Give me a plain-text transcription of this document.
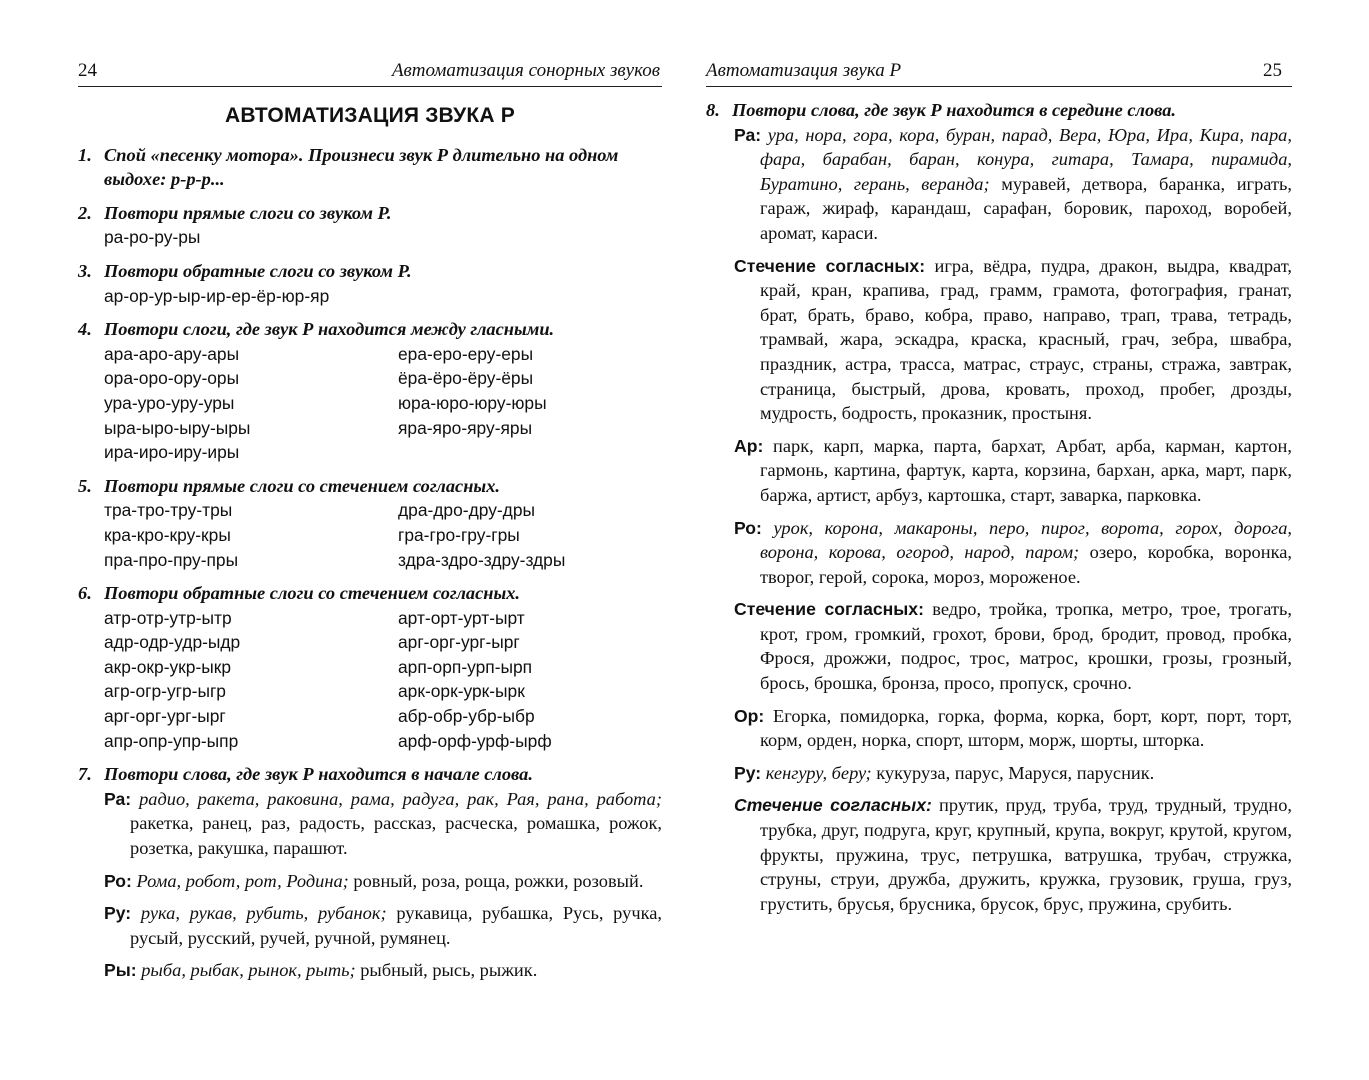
24	Автоматизация сонорных звуков
АВТОМАТИЗАЦИЯ ЗВУКА Р
1. Спой «песенку мотора». Произнеси звук Р длительно на одном выдохе: р-р-р...
2. Повтори прямые слоги со звуком Р.
ра-ро-ру-ры
3. Повтори обратные слоги со звуком Р.
ар-ор-ур-ыр-ир-ер-ёр-юр-яр
4. Повтори слоги, где звук Р находится между гласными.
ара-аро-ару-ары	ера-еро-еру-еры
ора-оро-ору-оры	ёра-ёро-ёру-ёры
ура-уро-уру-уры	юра-юро-юру-юры
ыра-ыро-ыру-ыры	яра-яро-яру-яры
ира-иро-иру-иры
5. Повтори прямые слоги со стечением согласных.
тра-тро-тру-тры	дра-дро-дру-дры
кра-кро-кру-кры	гра-гро-гру-гры
пра-про-пру-пры	здра-здро-здру-здры
6. Повтори обратные слоги со стечением согласных.
атр-отр-утр-ытр	арт-орт-урт-ырт
адр-одр-удр-ыдр	арг-орг-ург-ырг
акр-окр-укр-ыкр	арп-орп-урп-ырп
агр-огр-угр-ыгр	арк-орк-урк-ырк
арг-орг-ург-ырг	абр-обр-убр-ыбр
апр-опр-упр-ыпр	арф-орф-урф-ырф
7. Повтори слова, где звук Р находится в начале слова.
Ра: радио, ракета, раковина, рама, радуга, рак, Рая, рана, работа; ракетка, ранец, раз, радость, рассказ, расческа, ромашка, рожок, розетка, ракушка, парашют.
Ро: Рома, робот, рот, Родина; ровный, роза, роща, рожки, розовый.
Ру: рука, рукав, рубить, рубанок; рукавица, рубашка, Русь, ручка, русый, русский, ручей, ручной, румянец.
Ры: рыба, рыбак, рынок, рыть; рыбный, рысь, рыжик.
Автоматизация звука Р	25
8. Повтори слова, где звук Р находится в середине слова.
Ра: ура, нора, гора, кора, буран, парад, Вера, Юра, Ира, Кира, пара, фара, барабан, баран, конура, гитара, Тамара, пирамида, Буратино, герань, веранда; муравей, детвора, баранка, играть, гараж, жираф, карандаш, сарафан, боровик, пароход, воробей, аромат, караси.
Стечение согласных: игра, вёдра, пудра, дракон, выдра, квадрат, край, кран, крапива, град, грамм, грамота, фотография, гранат, брат, брать, браво, кобра, право, направо, трап, трава, тетрадь, трамвай, жара, эскадра, краска, красный, грач, зебра, швабра, праздник, астра, трасса, матрас, страус, страны, стража, завтрак, страница, быстрый, дрова, кровать, проход, пробег, дрозды, мудрость, бодрость, проказник, простыня.
Ар: парк, карп, марка, парта, бархат, Арбат, арба, карман, картон, гармонь, картина, фартук, карта, корзина, бархан, арка, март, парк, баржа, артист, арбуз, картошка, старт, заварка, парковка.
Ро: урок, корона, макароны, перо, пирог, ворота, горох, дорога, ворона, корова, огород, народ, паром; озеро, коробка, воронка, творог, герой, сорока, мороз, мороженое.
Стечение согласных: ведро, тройка, тропка, метро, трое, трогать, крот, гром, громкий, грохот, брови, брод, бродит, провод, пробка, Фрося, дрожжи, подрос, трос, матрос, крошки, грозы, грозный, брось, брошка, бронза, просо, пропуск, срочно.
Ор: Егорка, помидорка, горка, форма, корка, борт, корт, порт, торт, корм, орден, норка, спорт, шторм, морж, шорты, шторка.
Ру: кенгуру, беру; кукуруза, парус, Маруся, парусник.
Стечение согласных: прутик, пруд, труба, труд, трудный, трудно, трубка, друг, подруга, круг, крупный, крупа, вокруг, крутой, кругом, фрукты, пружина, трус, петрушка, ватрушка, трубач, стружка, струны, струи, дружба, дружить, кружка, грузовик, груша, груз, грустить, брусья, брусника, брусок, брус, пружина, срубить.
